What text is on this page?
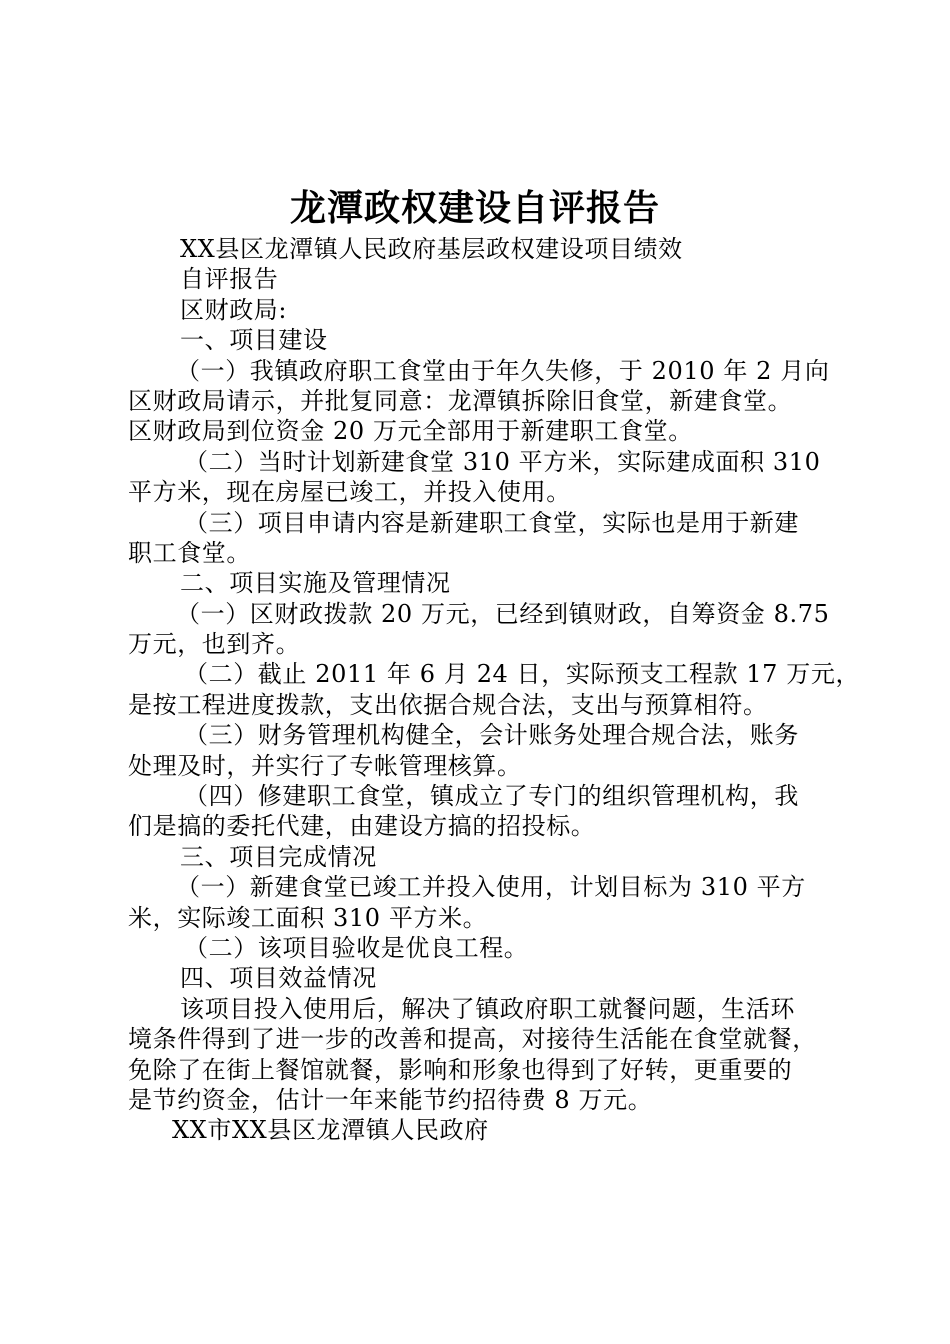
龙潭政权建设自评报告
XX县区龙潭镇人民政府基层政权建设项目绩效
自评报告
区财政局:
一、项目建设
（一）我镇政府职工食堂由于年久失修，于 2010 年 2 月向
区财政局请示，并批复同意：龙潭镇拆除旧食堂，新建食堂。
区财政局到位资金 20 万元全部用于新建职工食堂。
（二）当时计划新建食堂 310 平方米，实际建成面积 310
平方米，现在房屋已竣工，并投入使用。
（三）项目申请内容是新建职工食堂，实际也是用于新建
职工食堂。
二、项目实施及管理情况
（一）区财政拨款 20 万元，已经到镇财政，自筹资金 8.75
万元，也到齐。
（二）截止 2011 年 6 月 24 日，实际预支工程款 17 万元，
是按工程进度拨款，支出依据合规合法，支出与预算相符。
（三）财务管理机构健全，会计账务处理合规合法，账务
处理及时，并实行了专帐管理核算。
（四）修建职工食堂，镇成立了专门的组织管理机构，我
们是搞的委托代建，由建设方搞的招投标。
三、项目完成情况
（一）新建食堂已竣工并投入使用，计划目标为 310 平方
米，实际竣工面积 310 平方米。
（二）该项目验收是优良工程。
四、项目效益情况
该项目投入使用后，解决了镇政府职工就餐问题，生活环
境条件得到了进一步的改善和提高，对接待生活能在食堂就餐，
免除了在街上餐馆就餐，影响和形象也得到了好转，更重要的
是节约资金，估计一年来能节约招待费 8 万元。
XX市XX县区龙潭镇人民政府
